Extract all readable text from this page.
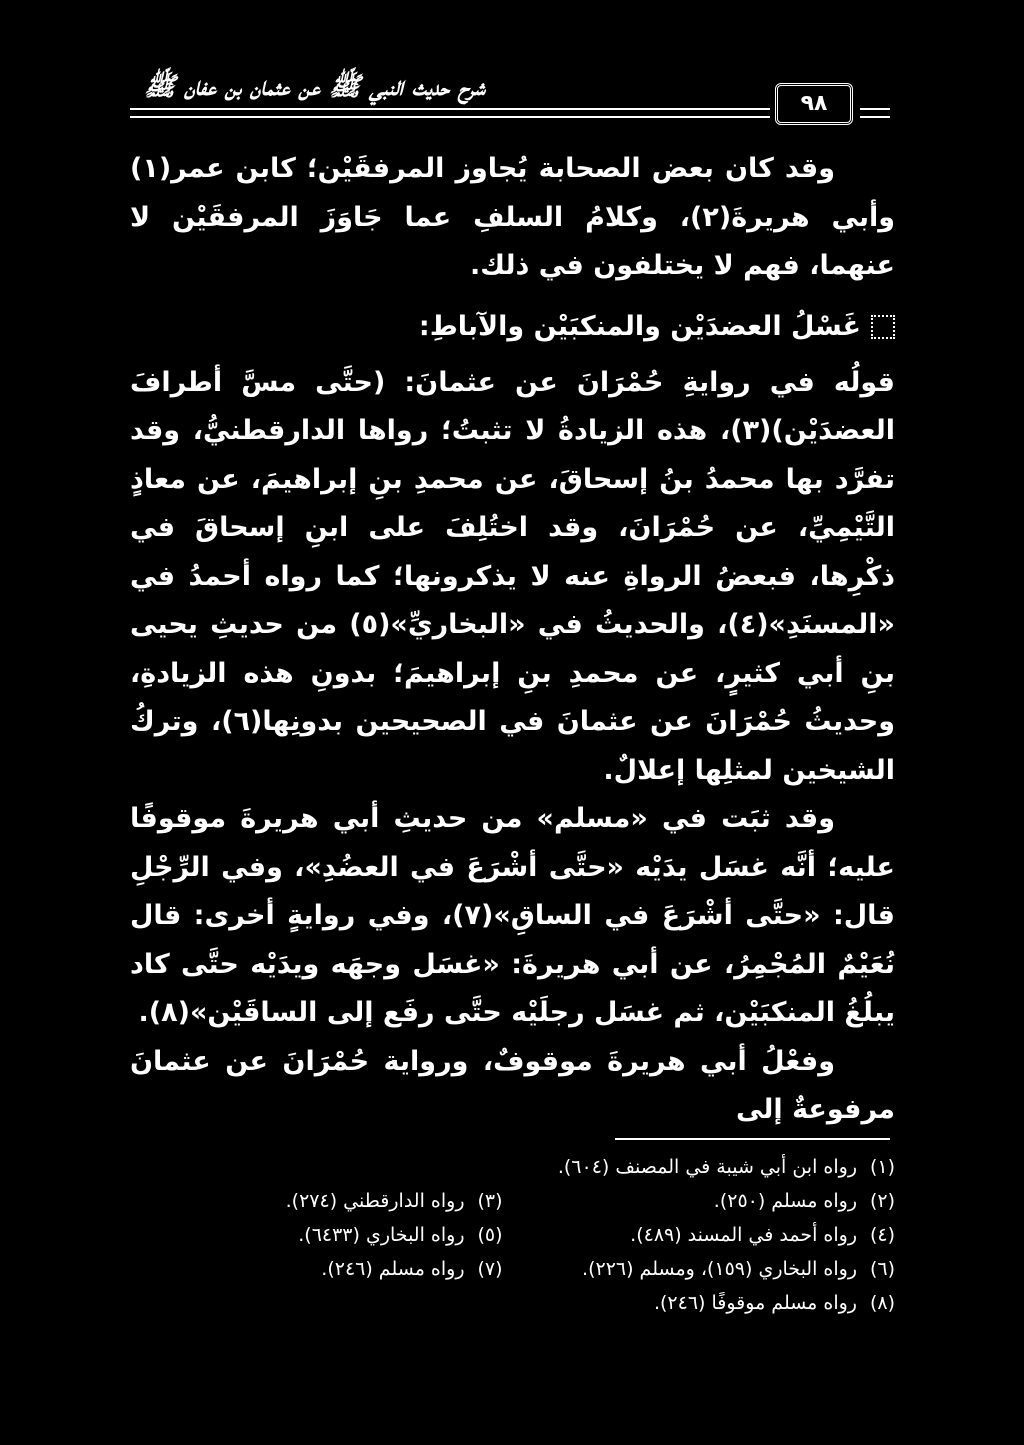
شرح حديث النبي ﷺ عن عثمان بن عفان ﷺ
٩٨

وقد كان بعض الصحابة يُجاوز المرفقَيْن؛ كابن عمر(١) وأبي هريرةَ(٢)، وكلامُ السلفِ عما جَاوَزَ المرفقَيْن لا عنهما، فهم لا يختلفون في ذلك.

غَسْلُ العضدَيْن والمنكبَيْن والآباطِ:

قولُه في روايةِ حُمْرَانَ عن عثمانَ: (حتَّى مسَّ أطرافَ العضدَيْن)(٣)، هذه الزيادةُ لا تثبتُ؛ رواها الدارقطنيُّ، وقد تفرَّد بها محمدُ بنُ إسحاقَ، عن محمدِ بنِ إبراهيمَ، عن معاذٍ التَّيْمِيِّ، عن حُمْرَانَ، وقد اختُلِفَ على ابنِ إسحاقَ في ذكْرِها، فبعضُ الرواةِ عنه لا يذكرونها؛ كما رواه أحمدُ في «المسنَدِ»(٤)، والحديثُ في «البخاريِّ»(٥) من حديثِ يحيى بنِ أبي كثيرٍ، عن محمدِ بنِ إبراهيمَ؛ بدونِ هذه الزيادةِ، وحديثُ حُمْرَانَ عن عثمانَ في الصحيحين بدونِها(٦)، وتركُ الشيخين لمثلِها إعلالٌ.

وقد ثبَت في «مسلم» من حديثِ أبي هريرةَ موقوفًا عليه؛ أنَّه غسَل يدَيْه «حتَّى أشْرَعَ في العضُدِ»، وفي الرِّجْلِ قال: «حتَّى أشْرَعَ في الساقِ»(٧)، وفي روايةٍ أخرى: قال نُعَيْمٌ المُجْمِرُ، عن أبي هريرةَ: «غسَل وجهَه ويدَيْه حتَّى كاد يبلُغُ المنكبَيْن، ثم غسَل رجلَيْه حتَّى رفَع إلى الساقَيْن»(٨).

وفعْلُ أبي هريرةَ موقوفٌ، ورواية حُمْرَانَ عن عثمانَ مرفوعةٌ إلى

(١)رواه ابن أبي شيبة في المصنف (٦٠٤).
(٢)رواه مسلم (٢٥٠).
(٣)رواه الدارقطني (٢٧٤).
(٤)رواه أحمد في المسند (٤٨٩).
(٥)رواه البخاري (٦٤٣٣).
(٦)رواه البخاري (١٥٩)، ومسلم (٢٢٦).
(٧)رواه مسلم (٢٤٦).
(٨)رواه مسلم موقوفًا (٢٤٦).
